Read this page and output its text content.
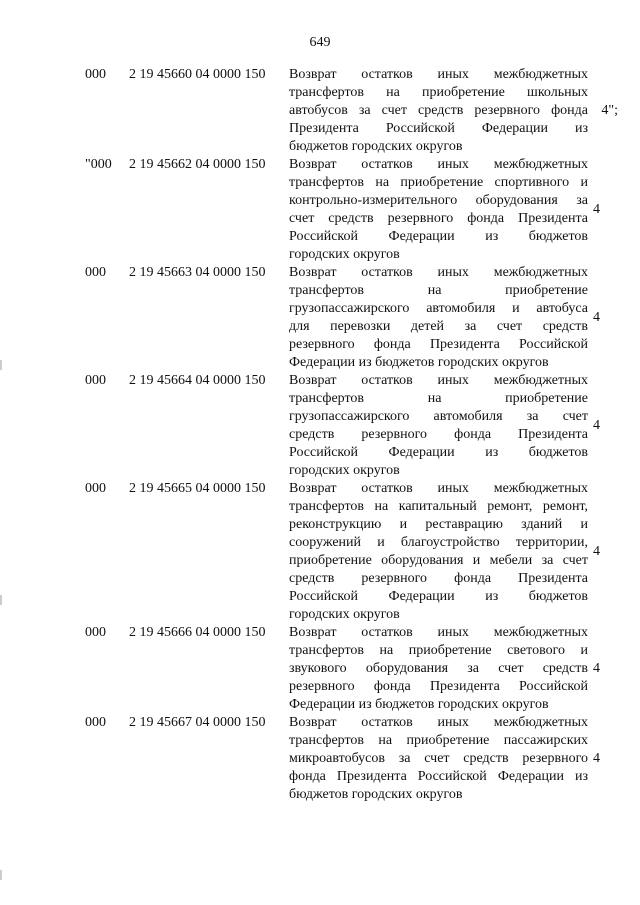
649
000 2 19 45660 04 0000 150 Возврат остатков иных межбюджетных
трансфертов на приобретение школьных
автобусов за счет средств резервного фонда
Президента Российской Федерации из
бюджетов городских округов
4";
"000 2 19 45662 04 0000 150 Возврат остатков иных межбюджетных
трансфертов на приобретение спортивного и
контрольно-измерительного оборудования за
счет средств резервного фонда Президента
Российской Федерации из бюджетов
городских округов
4
000 2 19 45663 04 0000 150 Возврат остатков иных межбюджетных
трансфертов на приобретение
грузопассажирского автомобиля и автобуса
для перевозки детей за счет средств
резервного фонда Президента Российской
Федерации из бюджетов городских округов
4
000 2 19 45664 04 0000 150 Возврат остатков иных межбюджетных
трансфертов на приобретение
грузопассажирского автомобиля за счет
средств резервного фонда Президента
Российской Федерации из бюджетов
городских округов
4
000 2 19 45665 04 0000 150 Возврат остатков иных межбюджетных
трансфертов на капитальный ремонт, ремонт,
реконструкцию и реставрацию зданий и
сооружений и благоустройство территории,
приобретение оборудования и мебели за счет
средств резервного фонда Президента
Российской Федерации из бюджетов
городских округов
4
000 2 19 45666 04 0000 150 Возврат остатков иных межбюджетных
трансфертов на приобретение светового и
звукового оборудования за счет средств
резервного фонда Президента Российской
Федерации из бюджетов городских округов
4
000 2 19 45667 04 0000 150 Возврат остатков иных межбюджетных
трансфертов на приобретение пассажирских
микроавтобусов за счет средств резервного
фонда Президента Российской Федерации из
бюджетов городских округов
4
